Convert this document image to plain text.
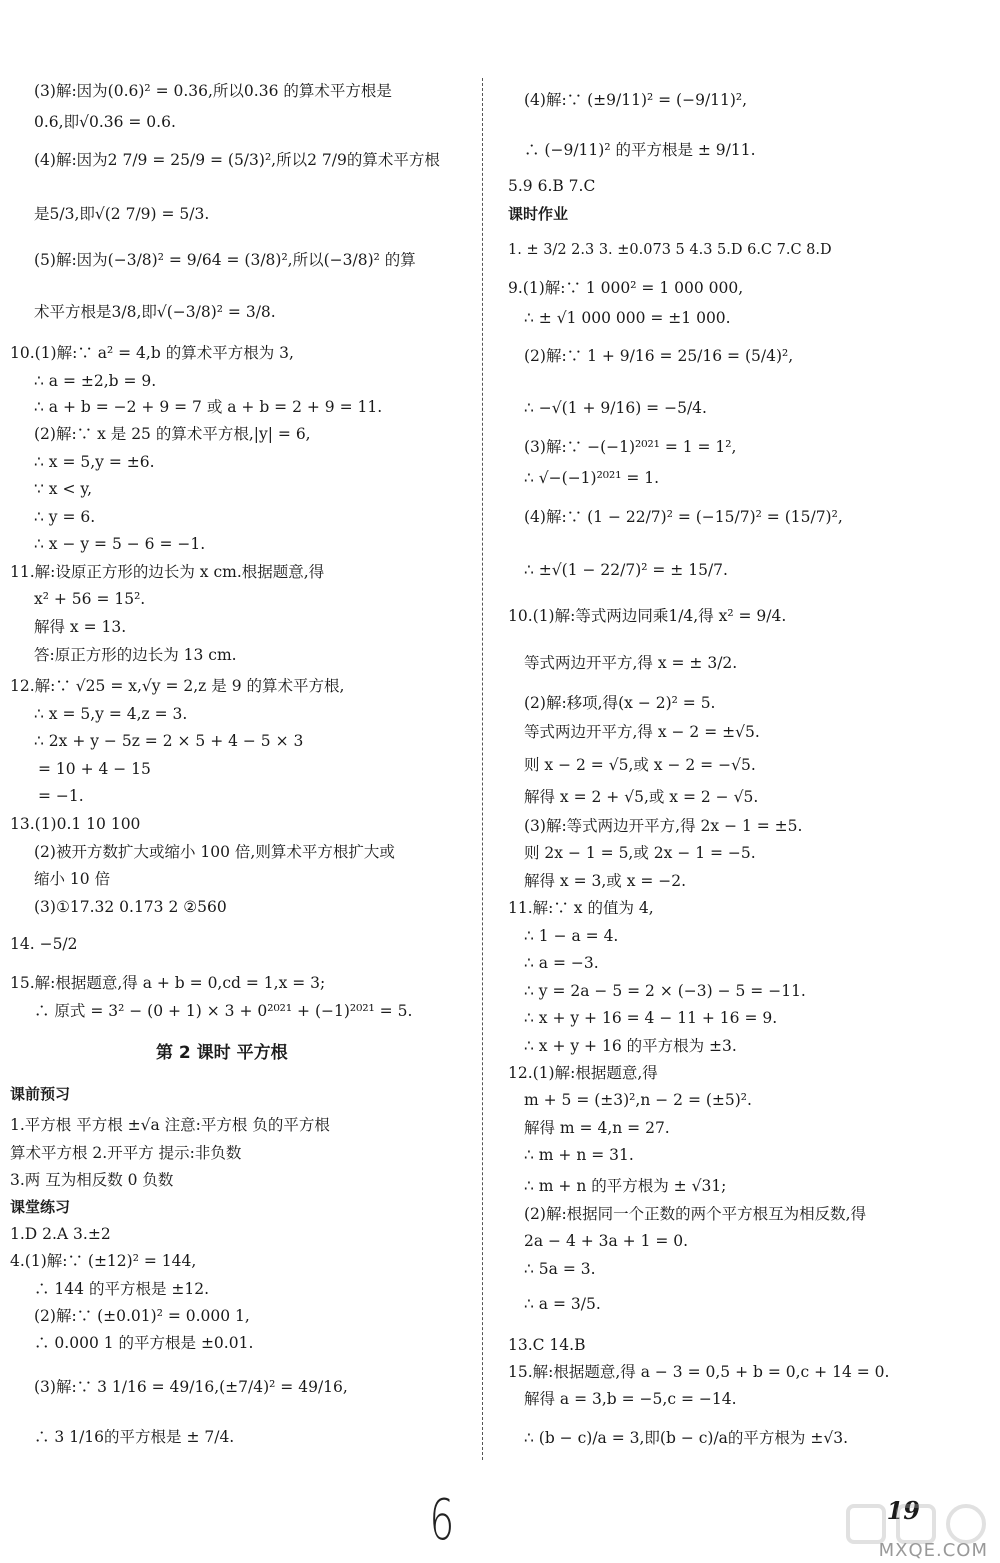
(3)解:因为(0.6)² = 0.36,所以0.36 的算术平方根是
0.6,即√0.36 = 0.6.
(4)解:因为2 7/9 = 25/9 = (5/3)²,所以2 7/9的算术平方根
是5/3,即√(2 7/9) = 5/3.
(5)解:因为(−3/8)² = 9/64 = (3/8)²,所以(−3/8)² 的算
术平方根是3/8,即√(−3/8)² = 3/8.
10.(1)解:∵ a² = 4,b 的算术平方根为 3,
∴ a = ±2,b = 9.
∴ a + b = −2 + 9 = 7 或 a + b = 2 + 9 = 11.
(2)解:∵ x 是 25 的算术平方根,|y| = 6,
∴ x = 5,y = ±6.
∵ x < y,
∴ y = 6.
∴ x − y = 5 − 6 = −1.
11.解:设原正方形的边长为 x cm.根据题意,得
x² + 56 = 15².
解得 x = 13.
答:原正方形的边长为 13 cm.
12.解:∵ √25 = x,√y = 2,z 是 9 的算术平方根,
∴ x = 5,y = 4,z = 3.
∴ 2x + y − 5z = 2 × 5 + 4 − 5 × 3
= 10 + 4 − 15
= −1.
13.(1)0.1 10 100
(2)被开方数扩大或缩小 100 倍,则算术平方根扩大或
缩小 10 倍
(3)①17.32 0.173 2 ②560
14. −5/2
15.解:根据题意,得 a + b = 0,cd = 1,x = 3;
∴ 原式 = 3² − (0 + 1) × 3 + 0²⁰²¹ + (−1)²⁰²¹ = 5.
第 2 课时 平方根
课前预习
1.平方根 平方根 ±√a 注意:平方根 负的平方根
算术平方根 2.开平方 提示:非负数
3.两 互为相反数 0 负数
课堂练习
1.D 2.A 3.±2
4.(1)解:∵ (±12)² = 144,
∴ 144 的平方根是 ±12.
(2)解:∵ (±0.01)² = 0.000 1,
∴ 0.000 1 的平方根是 ±0.01.
(3)解:∵ 3 1/16 = 49/16,(±7/4)² = 49/16,
∴ 3 1/16的平方根是 ± 7/4.
(4)解:∵ (±9/11)² = (−9/11)²,
∴ (−9/11)² 的平方根是 ± 9/11.
5.9 6.B 7.C
课时作业
1. ± 3/2 2.3 3. ±0.073 5 4.3 5.D 6.C 7.C 8.D
9.(1)解:∵ 1 000² = 1 000 000,
∴ ± √1 000 000 = ±1 000.
(2)解:∵ 1 + 9/16 = 25/16 = (5/4)²,
∴ −√(1 + 9/16) = −5/4.
(3)解:∵ −(−1)²⁰²¹ = 1 = 1²,
∴ √−(−1)²⁰²¹ = 1.
(4)解:∵ (1 − 22/7)² = (−15/7)² = (15/7)²,
∴ ±√(1 − 22/7)² = ± 15/7.
10.(1)解:等式两边同乘1/4,得 x² = 9/4.
等式两边开平方,得 x = ± 3/2.
(2)解:移项,得(x − 2)² = 5.
等式两边开平方,得 x − 2 = ±√5.
则 x − 2 = √5,或 x − 2 = −√5.
解得 x = 2 + √5,或 x = 2 − √5.
(3)解:等式两边开平方,得 2x − 1 = ±5.
则 2x − 1 = 5,或 2x − 1 = −5.
解得 x = 3,或 x = −2.
11.解:∵ x 的值为 4,
∴ 1 − a = 4.
∴ a = −3.
∴ y = 2a − 5 = 2 × (−3) − 5 = −11.
∴ x + y + 16 = 4 − 11 + 16 = 9.
∴ x + y + 16 的平方根为 ±3.
12.(1)解:根据题意,得
m + 5 = (±3)²,n − 2 = (±5)².
解得 m = 4,n = 27.
∴ m + n = 31.
∴ m + n 的平方根为 ± √31;
(2)解:根据同一个正数的两个平方根互为相反数,得
2a − 4 + 3a + 1 = 0.
∴ 5a = 3.
∴ a = 3/5.
13.C 14.B
15.解:根据题意,得 a − 3 = 0,5 + b = 0,c + 14 = 0.
解得 a = 3,b = −5,c = −14.
∴ (b − c)/a = 3,即(b − c)/a的平方根为 ±√3.
19
6	MXQE.COM
